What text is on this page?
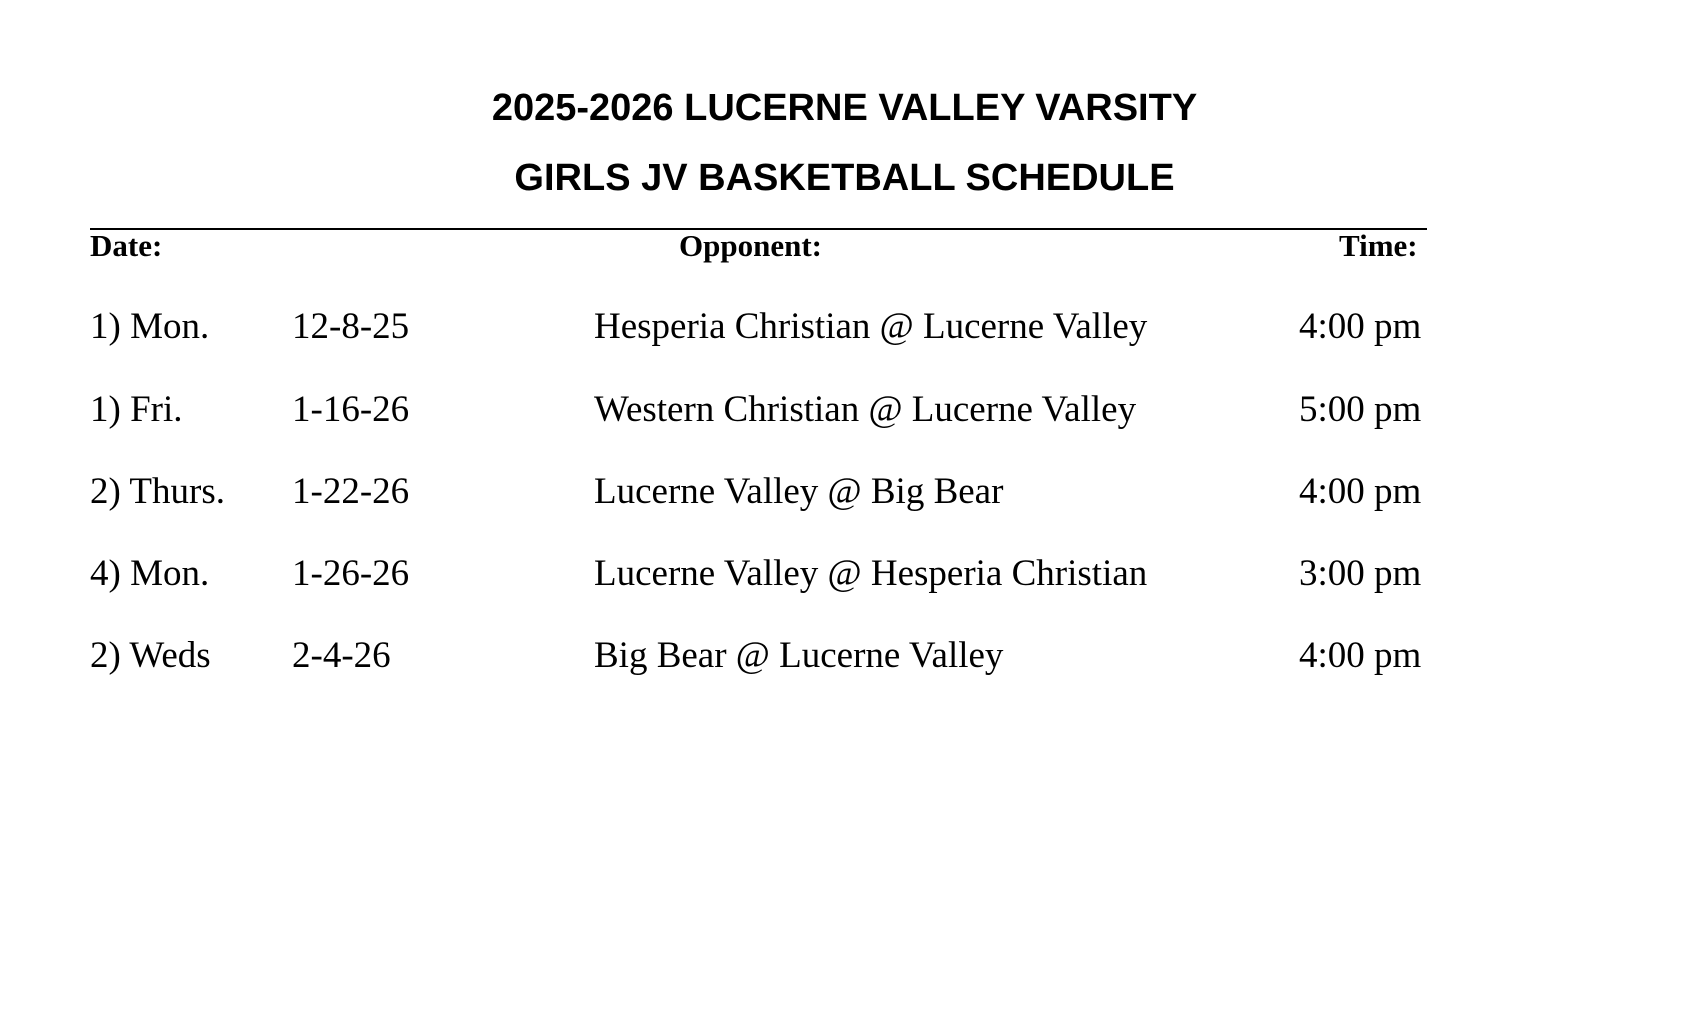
2025-2026 LUCERNE VALLEY VARSITY
GIRLS JV BASKETBALL SCHEDULE
Date:	Opponent:	Time:
1) Mon. 12-8-25	Hesperia Christian @ Lucerne Valley	4:00 pm
1) Fri.	1-16-26	Western Christian @ Lucerne Valley	5:00 pm
2) Thurs. 1-22-26	Lucerne Valley @ Big Bear	4:00 pm
4) Mon. 1-26-26	Lucerne Valley @ Hesperia Christian	3:00 pm
2) Weds 2-4-26	Big Bear @ Lucerne Valley	4:00 pm
